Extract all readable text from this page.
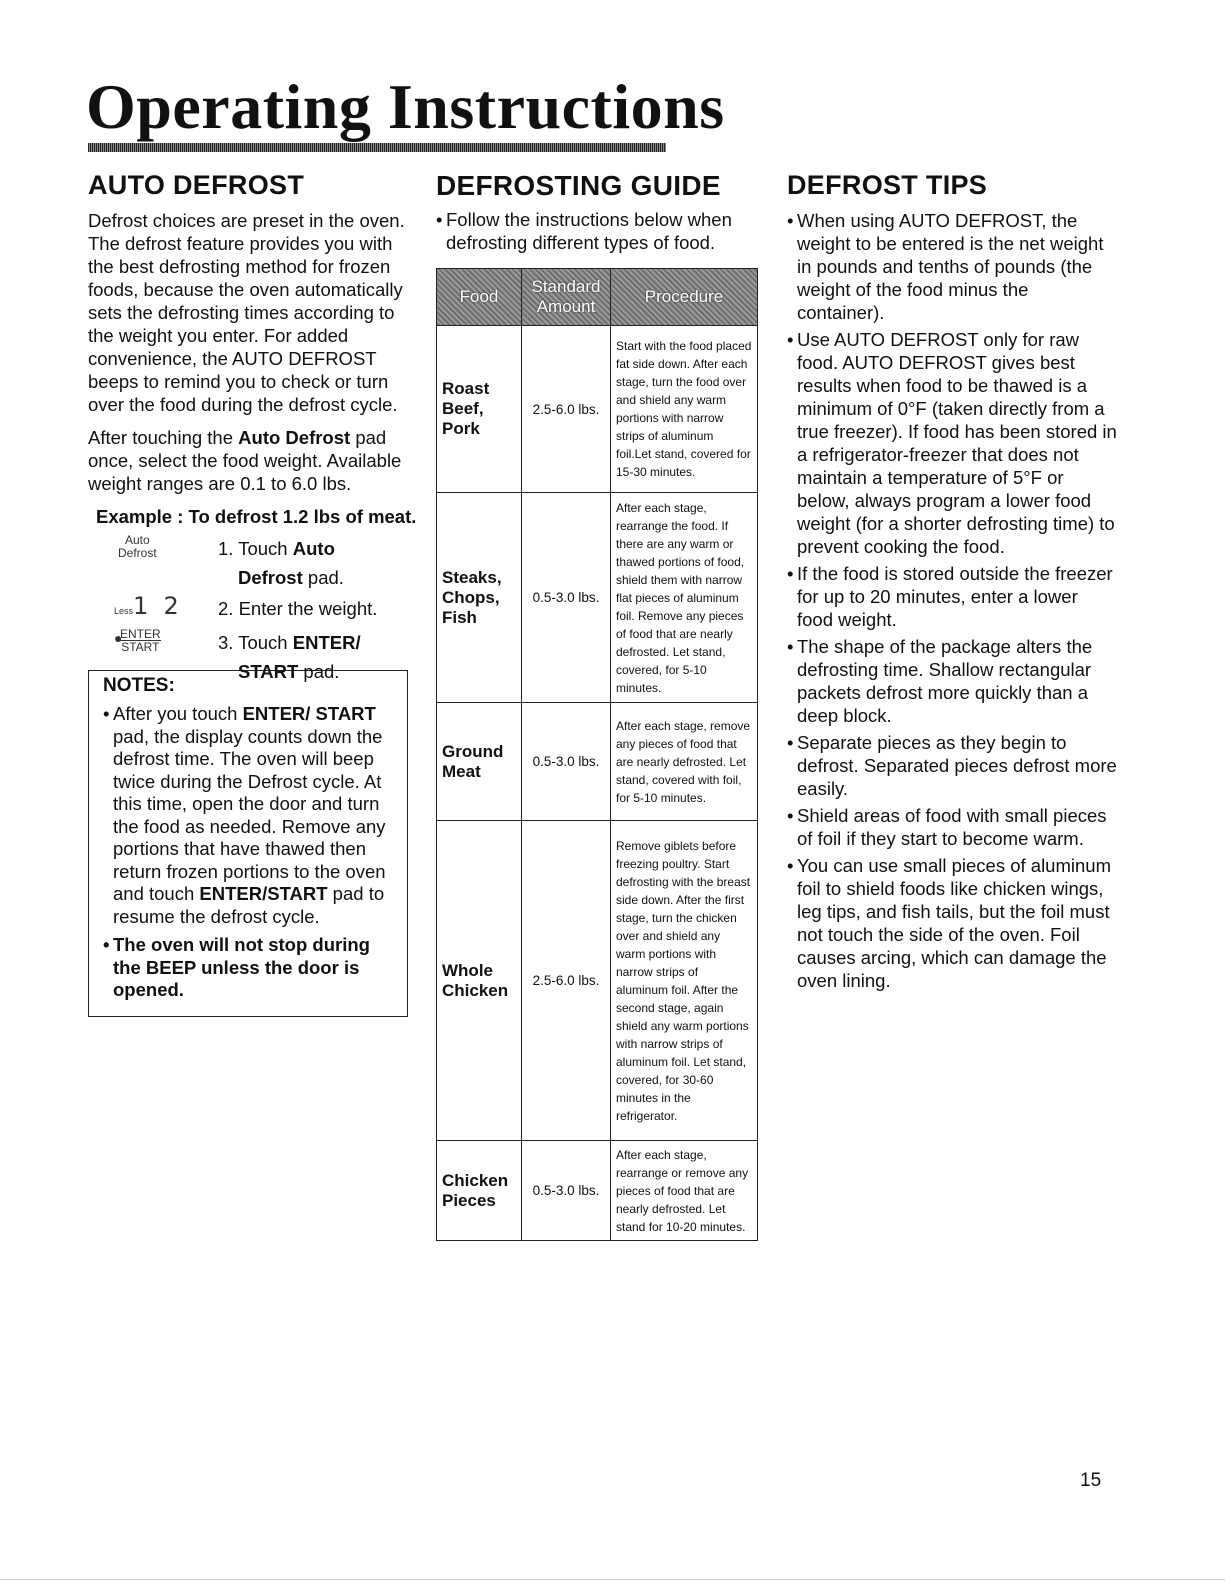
Operating Instructions
AUTO DEFROST

Defrost choices are preset in the oven. The defrost feature provides you with the best defrosting method for frozen foods, because the oven automatically sets the defrosting times according to the weight you enter. For added convenience, the AUTO DEFROST beeps to remind you to check or turn over the food during the defrost cycle.

After touching the Auto Defrost pad once, select the food weight. Available weight ranges are 0.1 to 6.0 lbs.

Example : To defrost 1.2 lbs of meat.
Auto
Defrost	1. Touch Auto
Defrost pad.
Less1  2 2. Enter the weight.
●
ENTER
START	3. Touch ENTER/
START pad.
NOTES:
• After you touch ENTER/ START pad, the display counts down the defrost time. The oven will beep twice during the Defrost cycle. At this time, open the door and turn the food as needed. Remove any portions that have thawed then return frozen portions to the oven and touch ENTER/START pad to resume the defrost cycle.
• The oven will not stop during the BEEP unless the door is opened.
DEFROSTING GUIDE
• Follow the instructions below when defrosting different types of food.
Food	Standard Amount	Procedure
Roast Beef, Pork	2.5-6.0 lbs.	Start with the food placed fat side down. After each stage, turn the food over and shield any warm portions with narrow strips of aluminum foil.Let stand, covered for 15-30 minutes.
Steaks, Chops, Fish	0.5-3.0 lbs.	After each stage, rearrange the food. If there are any warm or thawed portions of food, shield them with narrow flat pieces of aluminum foil. Remove any pieces of food that are nearly defrosted. Let stand, covered, for 5-10 minutes.
Ground Meat	0.5-3.0 lbs.	After each stage, remove any pieces of food that are nearly defrosted. Let stand, covered with foil, for 5-10 minutes.
Whole Chicken	2.5-6.0 lbs.	Remove giblets before freezing poultry. Start defrosting with the breast side down. After the first stage, turn the chicken over and shield any warm portions with narrow strips of aluminum foil. After the second stage, again shield any warm portions with narrow strips of aluminum foil. Let stand, covered, for 30-60 minutes in the refrigerator.
Chicken Pieces	0.5-3.0 lbs.	After each stage, rearrange or remove any pieces of food that are nearly defrosted. Let stand for 10-20 minutes.
DEFROST TIPS
• When using AUTO DEFROST, the weight to be entered is the net weight in pounds and tenths of pounds (the weight of the food minus the container).
• Use AUTO DEFROST only for raw food. AUTO DEFROST gives best results when food to be thawed is a minimum of 0°F (taken directly from a true freezer). If food has been stored in a refrigerator-freezer that does not maintain a temperature of 5°F or below, always program a lower food weight (for a shorter defrosting time) to prevent cooking the food.
• If the food is stored outside the freezer for up to 20 minutes, enter a lower food weight.
• The shape of the package alters the defrosting time. Shallow rectangular packets defrost more quickly than a deep block.
• Separate pieces as they begin to defrost. Separated pieces defrost more easily.
• Shield areas of food with small pieces of foil if they start to become warm.
• You can use small pieces of aluminum foil to shield foods like chicken wings, leg tips, and fish tails, but the foil must not touch the side of the oven. Foil causes arcing, which can damage the oven lining.
15
